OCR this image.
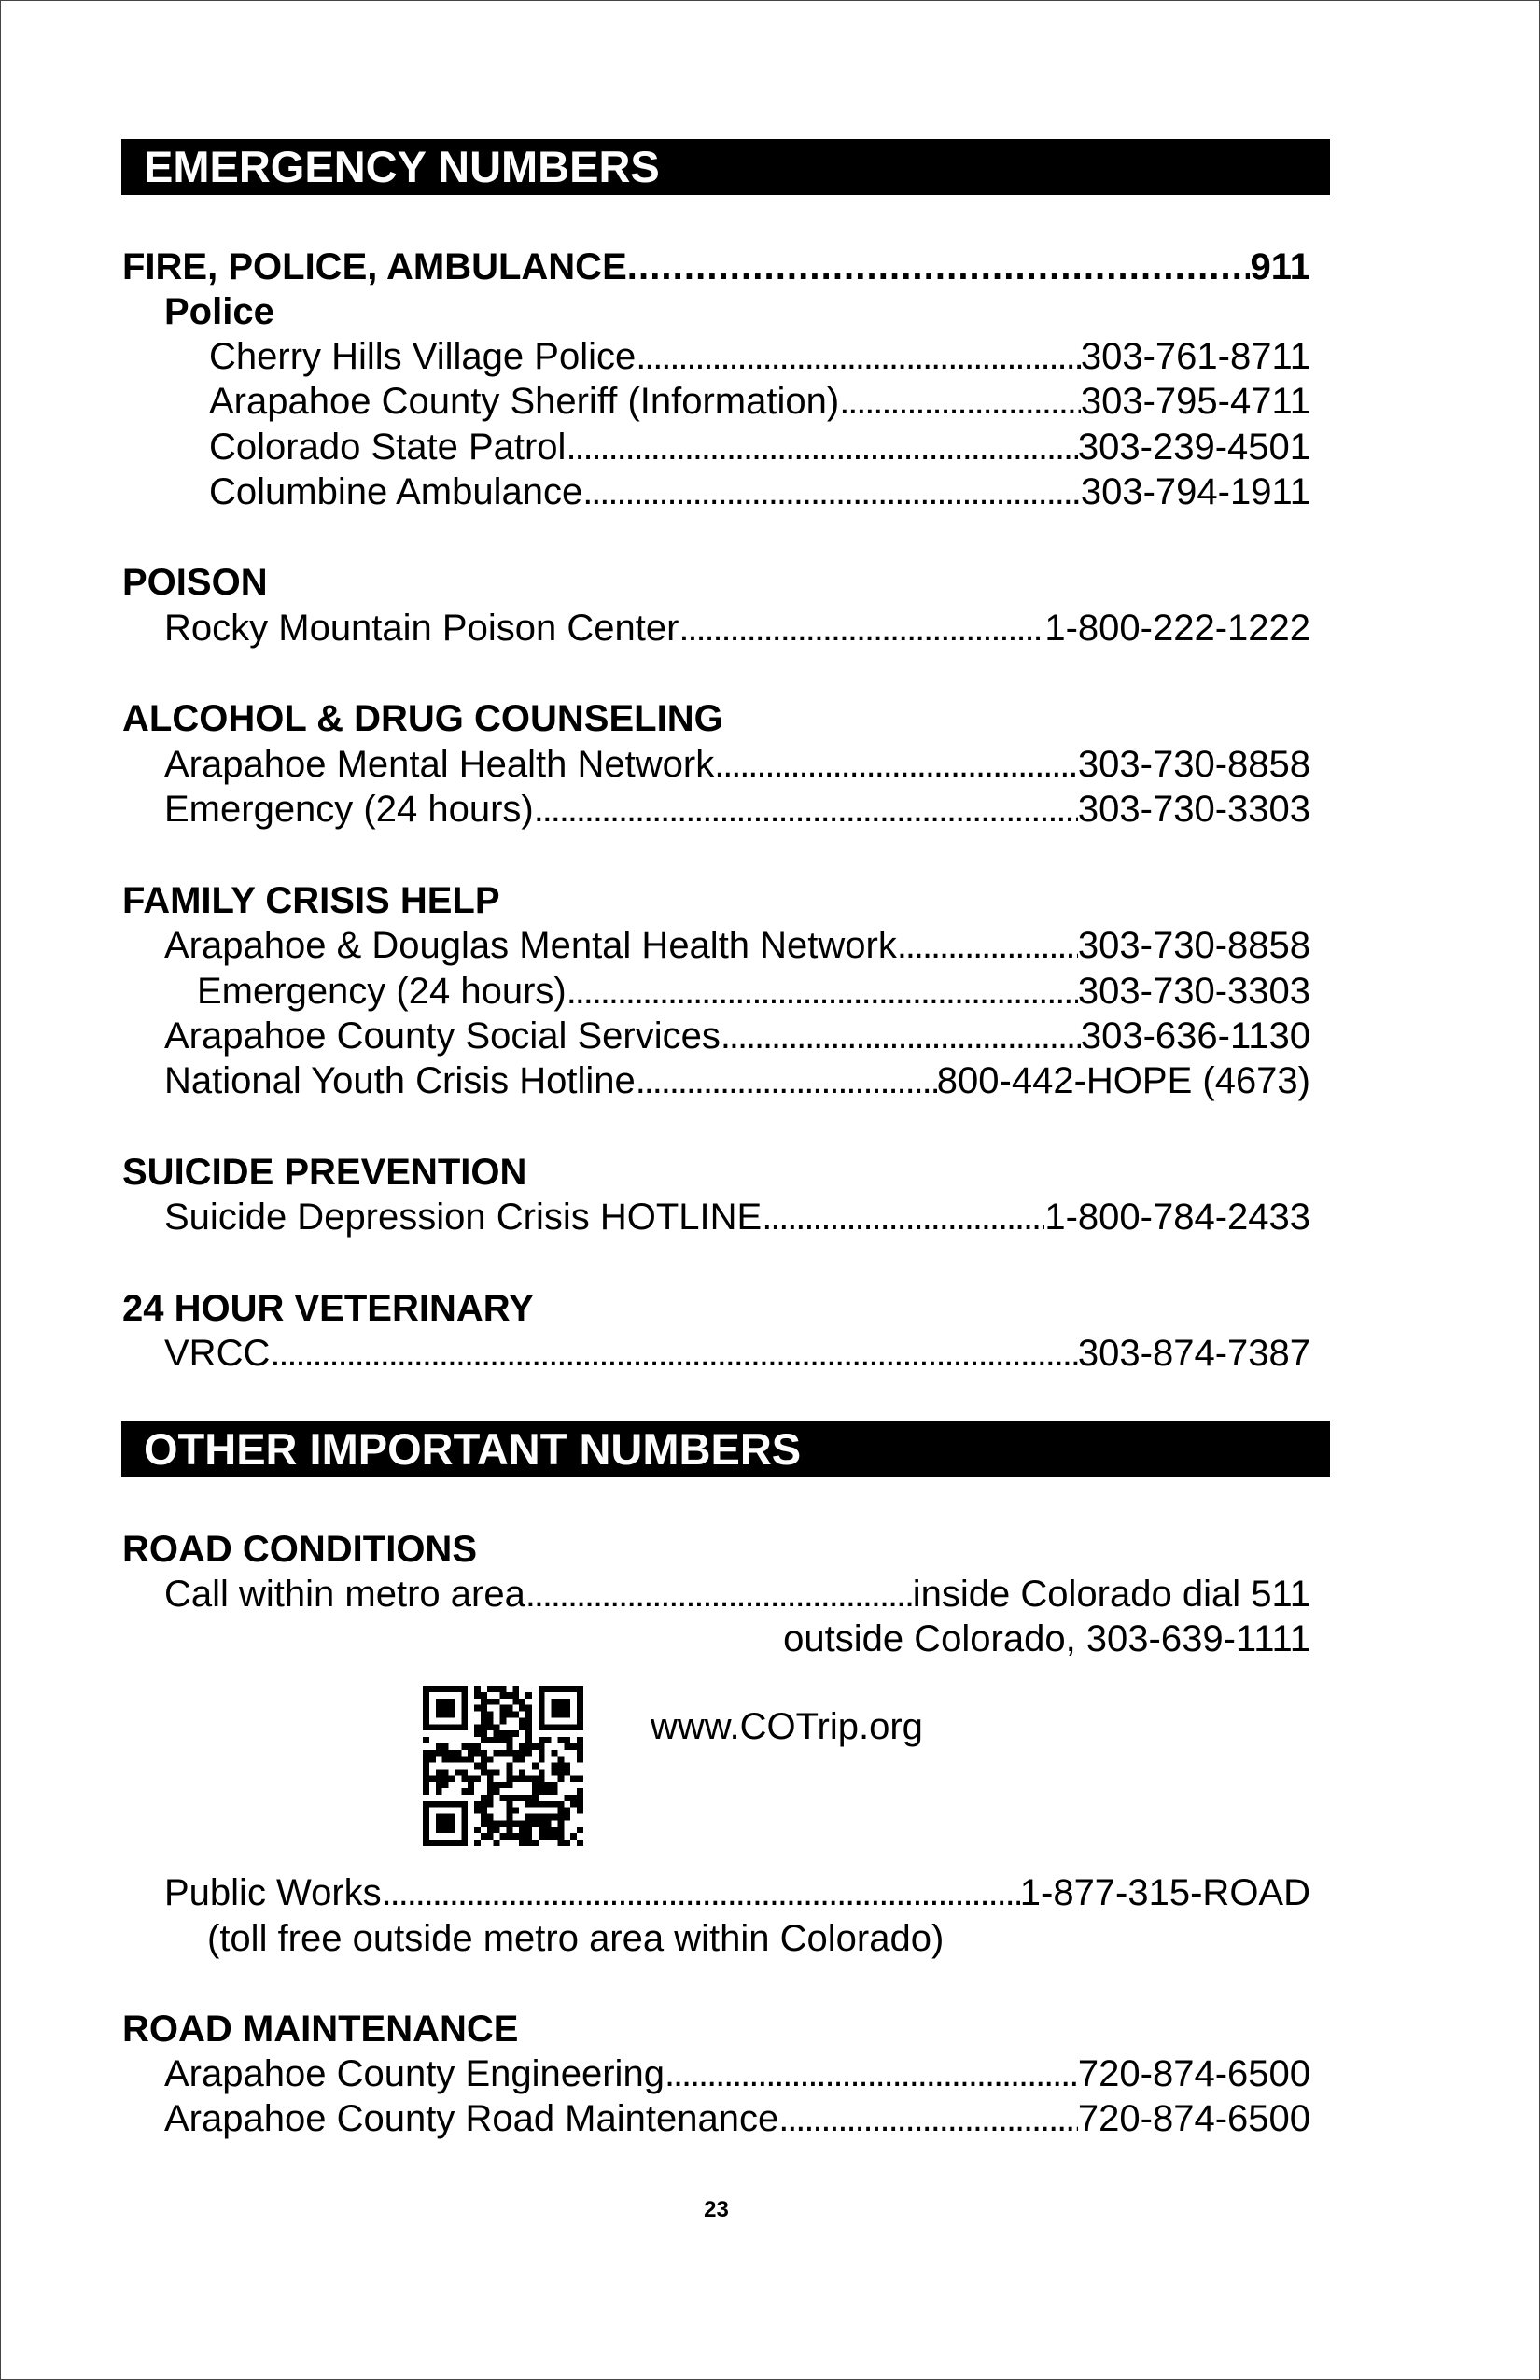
EMERGENCY NUMBERS
FIRE, POLICE, AMBULANCE . . .	911
Police
Cherry Hills Village Police . . .	303-761-8711
Arapahoe County Sheriff (Information) . . .	303-795-4711
Colorado State Patrol . . .	303-239-4501
Columbine Ambulance . . .	303-794-1911
POISON
Rocky Mountain Poison Center . . .	1-800-222-1222
ALCOHOL & DRUG COUNSELING
Arapahoe Mental Health Network . . .	303-730-8858
Emergency (24 hours) . . .	303-730-3303
FAMILY CRISIS HELP
Arapahoe & Douglas Mental Health Network . . .	303-730-8858
Emergency (24 hours) . . .	303-730-3303
Arapahoe County Social Services . . .	303-636-1130
National Youth Crisis Hotline . . .	800-442-HOPE (4673)
SUICIDE PREVENTION
Suicide Depression Crisis HOTLINE . . .	1-800-784-2433
24 HOUR VETERINARY
VRCC . . .	303-874-7387
OTHER IMPORTANT NUMBERS
ROAD CONDITIONS
Call within metro area . . .	inside Colorado dial 511
outside Colorado, 303-639-1111
www.COTrip.org
Public Works . . .	1-877-315-ROAD
(toll free outside metro area within Colorado)
ROAD MAINTENANCE
Arapahoe County Engineering . . .	720-874-6500
Arapahoe County Road Maintenance . . .	720-874-6500
23
